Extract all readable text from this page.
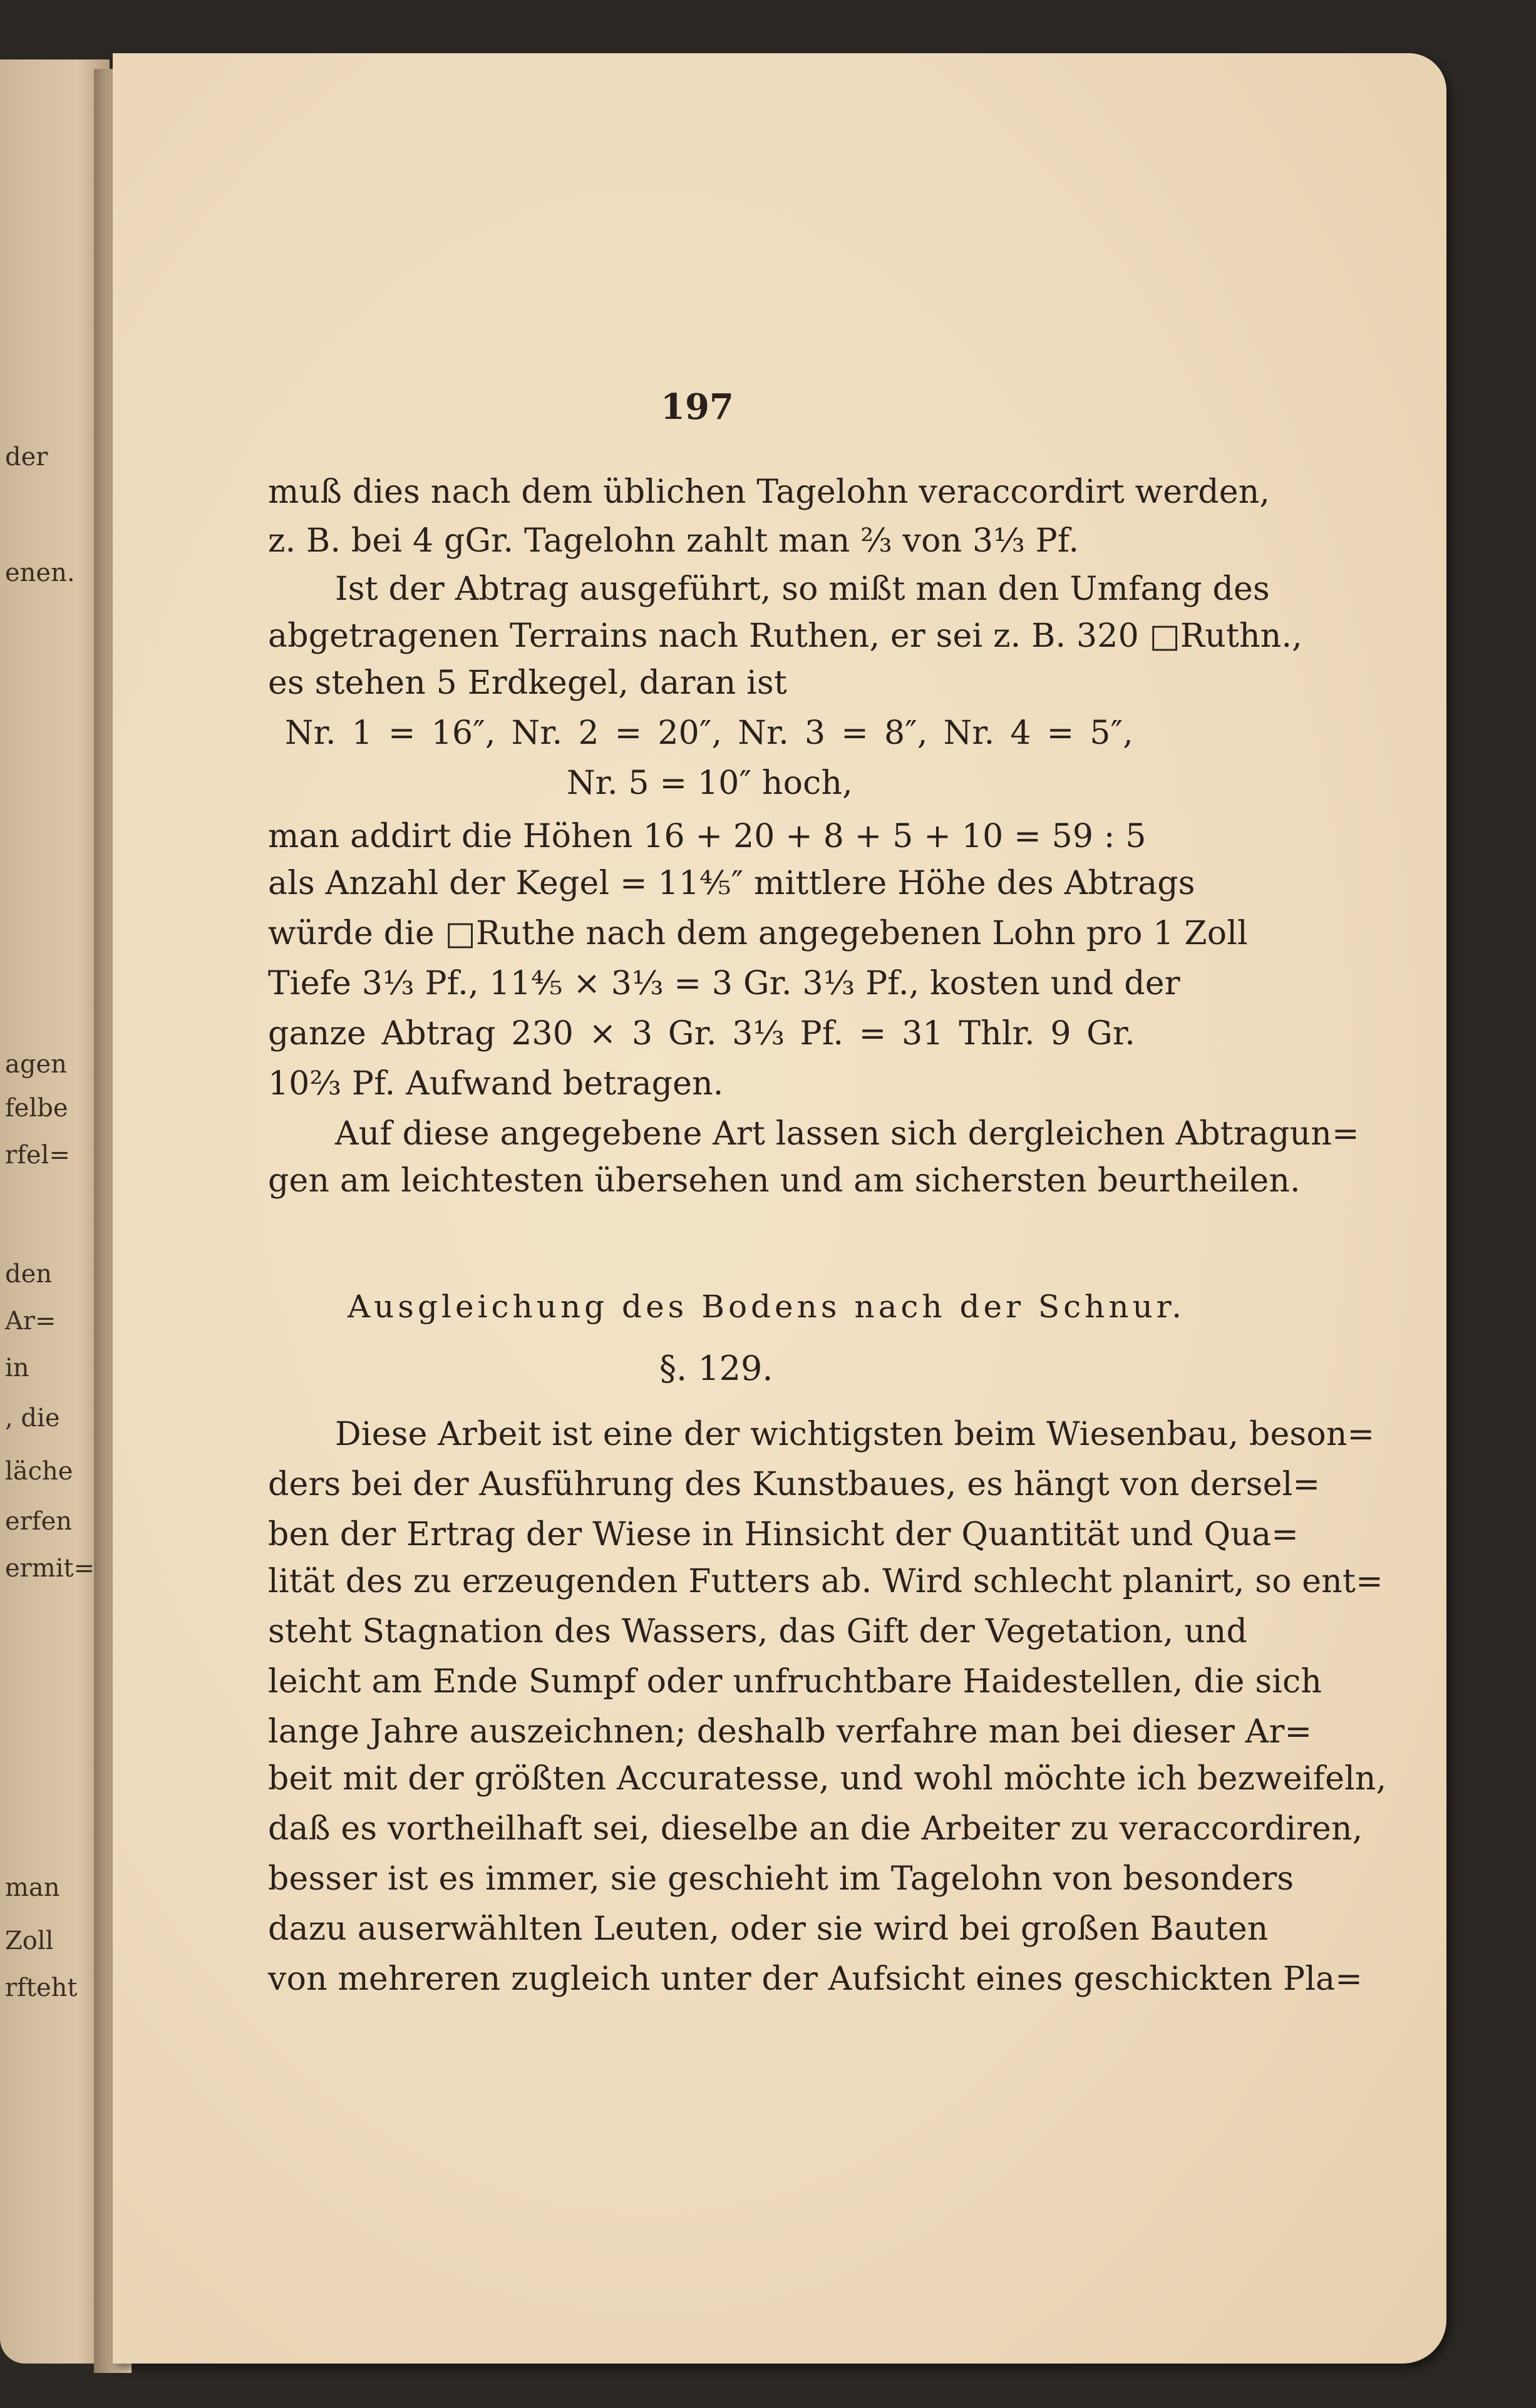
der
enen.
agen
felbe
rfel=
den
Ar=
in
, die
läche
erfen
ermit=
man
Zoll
rfteht
197
muß dies nach dem üblichen Tagelohn veraccordirt werden,
z. B. bei 4 gGr. Tagelohn zahlt man ⅔ von 3⅓ Pf.
Ist der Abtrag ausgeführt, so mißt man den Umfang des
abgetragenen Terrains nach Ruthen, er sei z. B. 320 □Ruthn.,
es stehen 5 Erdkegel, daran ist
Nr. 1 = 16″, Nr. 2 = 20″, Nr. 3 = 8″, Nr. 4 = 5″,
Nr. 5 = 10″ hoch,
man addirt die Höhen 16 + 20 + 8 + 5 + 10 = 59 : 5
als Anzahl der Kegel = 11⅘″ mittlere Höhe des Abtrags
würde die □Ruthe nach dem angegebenen Lohn pro 1 Zoll
Tiefe 3⅓ Pf., 11⅘ × 3⅓ = 3 Gr. 3⅓ Pf., kosten und der
ganze Abtrag 230 × 3 Gr. 3⅓ Pf. = 31 Thlr. 9 Gr.
10⅔ Pf. Aufwand betragen.
Auf diese angegebene Art lassen sich dergleichen Abtragun=
gen am leichtesten übersehen und am sichersten beurtheilen.
Ausgleichung des Bodens nach der Schnur.
§. 129.
Diese Arbeit ist eine der wichtigsten beim Wiesenbau, beson=
ders bei der Ausführung des Kunstbaues, es hängt von dersel=
ben der Ertrag der Wiese in Hinsicht der Quantität und Qua=
lität des zu erzeugenden Futters ab. Wird schlecht planirt, so ent=
steht Stagnation des Wassers, das Gift der Vegetation, und
leicht am Ende Sumpf oder unfruchtbare Haidestellen, die sich
lange Jahre auszeichnen; deshalb verfahre man bei dieser Ar=
beit mit der größten Accuratesse, und wohl möchte ich bezweifeln,
daß es vortheilhaft sei, dieselbe an die Arbeiter zu veraccordiren,
besser ist es immer, sie geschieht im Tagelohn von besonders
dazu auserwählten Leuten, oder sie wird bei großen Bauten
von mehreren zugleich unter der Aufsicht eines geschickten Pla=
